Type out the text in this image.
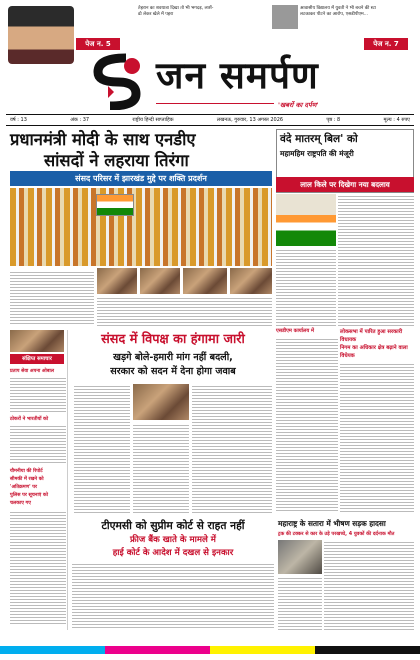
पेज न. 5
तेहरान का शवयात्रा दिखा तो भी भगदड़, लाशें-
ढो लेकर खेले में पहरा
आवासीय विद्यालय में युवती ने भी बचने की स्टा
लटकाकर पीटने का आरोप, एसडीपीएम...
पेज न. 7
जन समर्पण
'खबरों का दर्पण'
वर्ष : 13	अंक : 37	राष्ट्रीय हिन्दी साप्ताहिक	लखनऊ, गुरुवार, 13 अगस्त 2026	पृष्ठ : 8	मूल्य : 4 रुपए
प्रधानमंत्री मोदी के साथ एनडीए
सांसदों ने लहराया तिरंगा
संसद परिसर में झारखंड मुद्दे पर शक्ति प्रदर्शन
वंदे मातरम् बिल' को
महामहिम राष्ट्रपति की मंजूरी
लाल किले पर दिखेगा नया बदलाव
संक्षिप्त समाचार
प्रताप सेवा अपना ओबाल
ठोकरों ने भारतीयों को
यौमनीया की रिपोर्ट
सीमकी में रखने को
'अतिक्रमण' पर
पुलिस पर सूचनाएं को
चलकाए गए
संसद में विपक्ष का हंगामा जारी
खड़गे बोले-हमारी मांग नहीं बदली,
सरकार को सदन में देना होगा जवाब
एसडीएम कार्यालय में	लोकसभा में पारित हुआ सरकारी विधायक
निगम का अधिकार क्षेत्र बढ़ाने वाला विधेयक
टीएमसी को सुप्रीम कोर्ट से राहत नहीं
फ्रीज बैंक खाते के मामले में
हाई कोर्ट के आदेश में दखल से इनकार
महाराष्ट्र के सतारा में भीषण सड़क हादसा
ट्रक की टक्कर से कार के उड़े परखच्चे, 4 युवकों की दर्दनाक मौत
